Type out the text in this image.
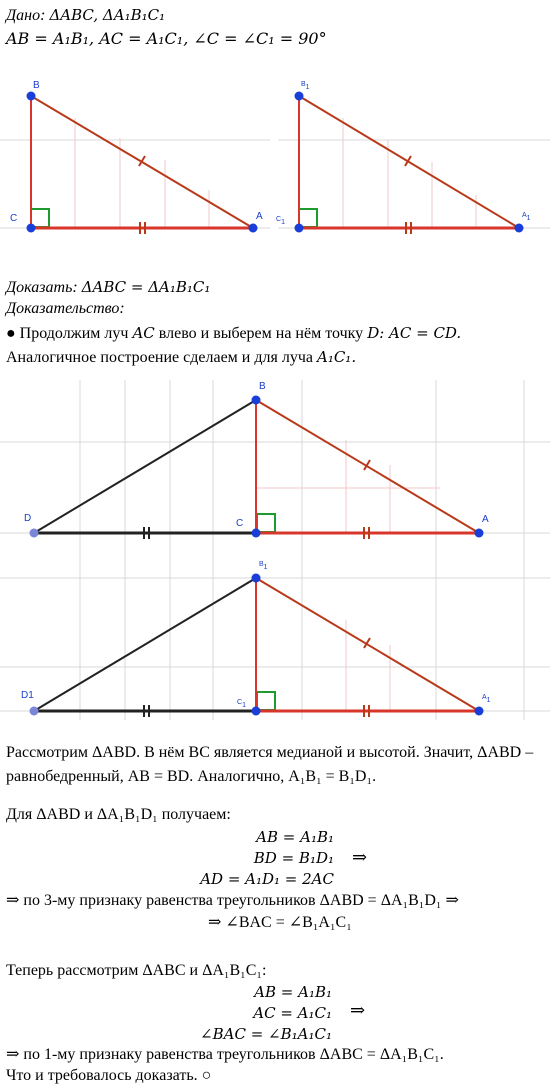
Дано: ΔABC, ΔA₁B₁C₁
AB = A₁B₁, AC = A₁C₁, ∠C = ∠C₁ = 90°
B
C	A
$B_1$
$C_1$
$A_1$
Доказать: ΔABC = ΔA₁B₁C₁
Доказательство:
● Продолжим луч AC влево и выберем на нём точку D: AC = CD.
Аналогичное построение сделаем и для луча A₁C₁.
D
B
C	A
D1
$B_1$
$C_1$
$A_1$
Рассмотрим ΔABD. В нём BC является медианой и высотой. Значит, ΔABD –
равнобедренный, AB = BD. Аналогично, A₁B₁ = B₁D₁.
Для ΔABD и ΔA₁B₁D₁ получаем:
AB = A₁B₁
BD = B₁D₁
AD = A₁D₁ = 2AC
⇒
⇒ по 3-му признаку равенства треугольников ΔABD = ΔA₁B₁D₁ ⇒
⇒ ∠BAC = ∠B₁A₁C₁
Теперь рассмотрим ΔABC и ΔA₁B₁C₁:
AB = A₁B₁
AC = A₁C₁
∠BAC = ∠B₁A₁C₁
⇒
⇒ по 1-му признаку равенства треугольников ΔABC = ΔA₁B₁C₁.
Что и требовалось доказать. ○
